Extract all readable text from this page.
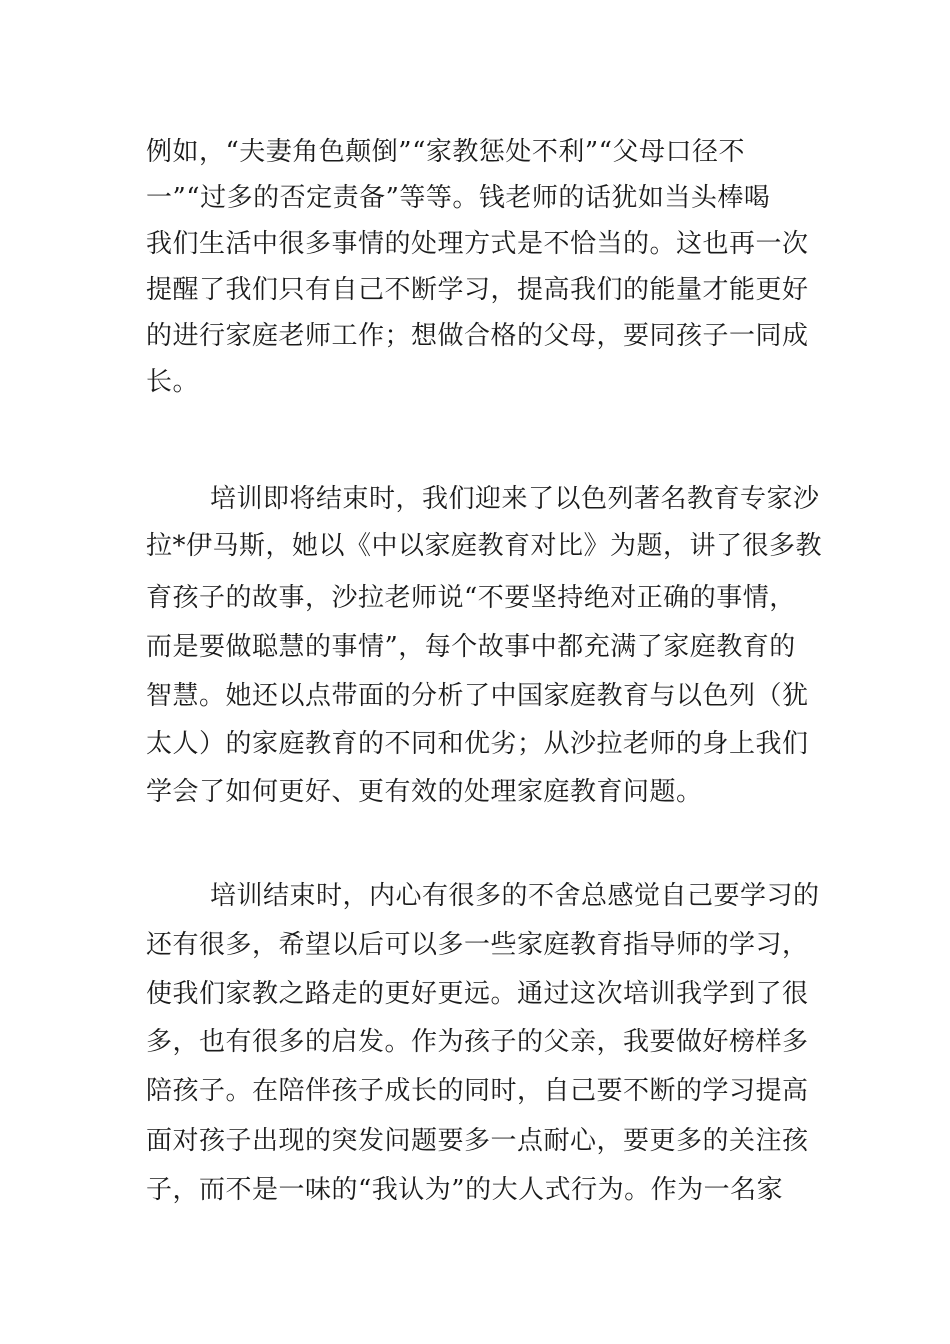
例如，“夫妻角色颠倒”“家教惩处不利”“父母口径不
一”“过多的否定责备”等等。钱老师的话犹如当头棒喝
我们生活中很多事情的处理方式是不恰当的。这也再一次
提醒了我们只有自己不断学习，提高我们的能量才能更好
的进行家庭老师工作；想做合格的父母，要同孩子一同成
长。
培训即将结束时，我们迎来了以色列著名教育专家沙
拉*伊马斯，她以《中以家庭教育对比》为题，讲了很多教
育孩子的故事，沙拉老师说“不要坚持绝对正确的事情，
而是要做聪慧的事情”，每个故事中都充满了家庭教育的
智慧。她还以点带面的分析了中国家庭教育与以色列（犹
太人）的家庭教育的不同和优劣；从沙拉老师的身上我们
学会了如何更好、更有效的处理家庭教育问题。
培训结束时，内心有很多的不舍总感觉自己要学习的
还有很多，希望以后可以多一些家庭教育指导师的学习，
使我们家教之路走的更好更远。通过这次培训我学到了很
多，也有很多的启发。作为孩子的父亲，我要做好榜样多
陪孩子。在陪伴孩子成长的同时，自己要不断的学习提高
面对孩子出现的突发问题要多一点耐心，要更多的关注孩
子，而不是一味的“我认为”的大人式行为。作为一名家
